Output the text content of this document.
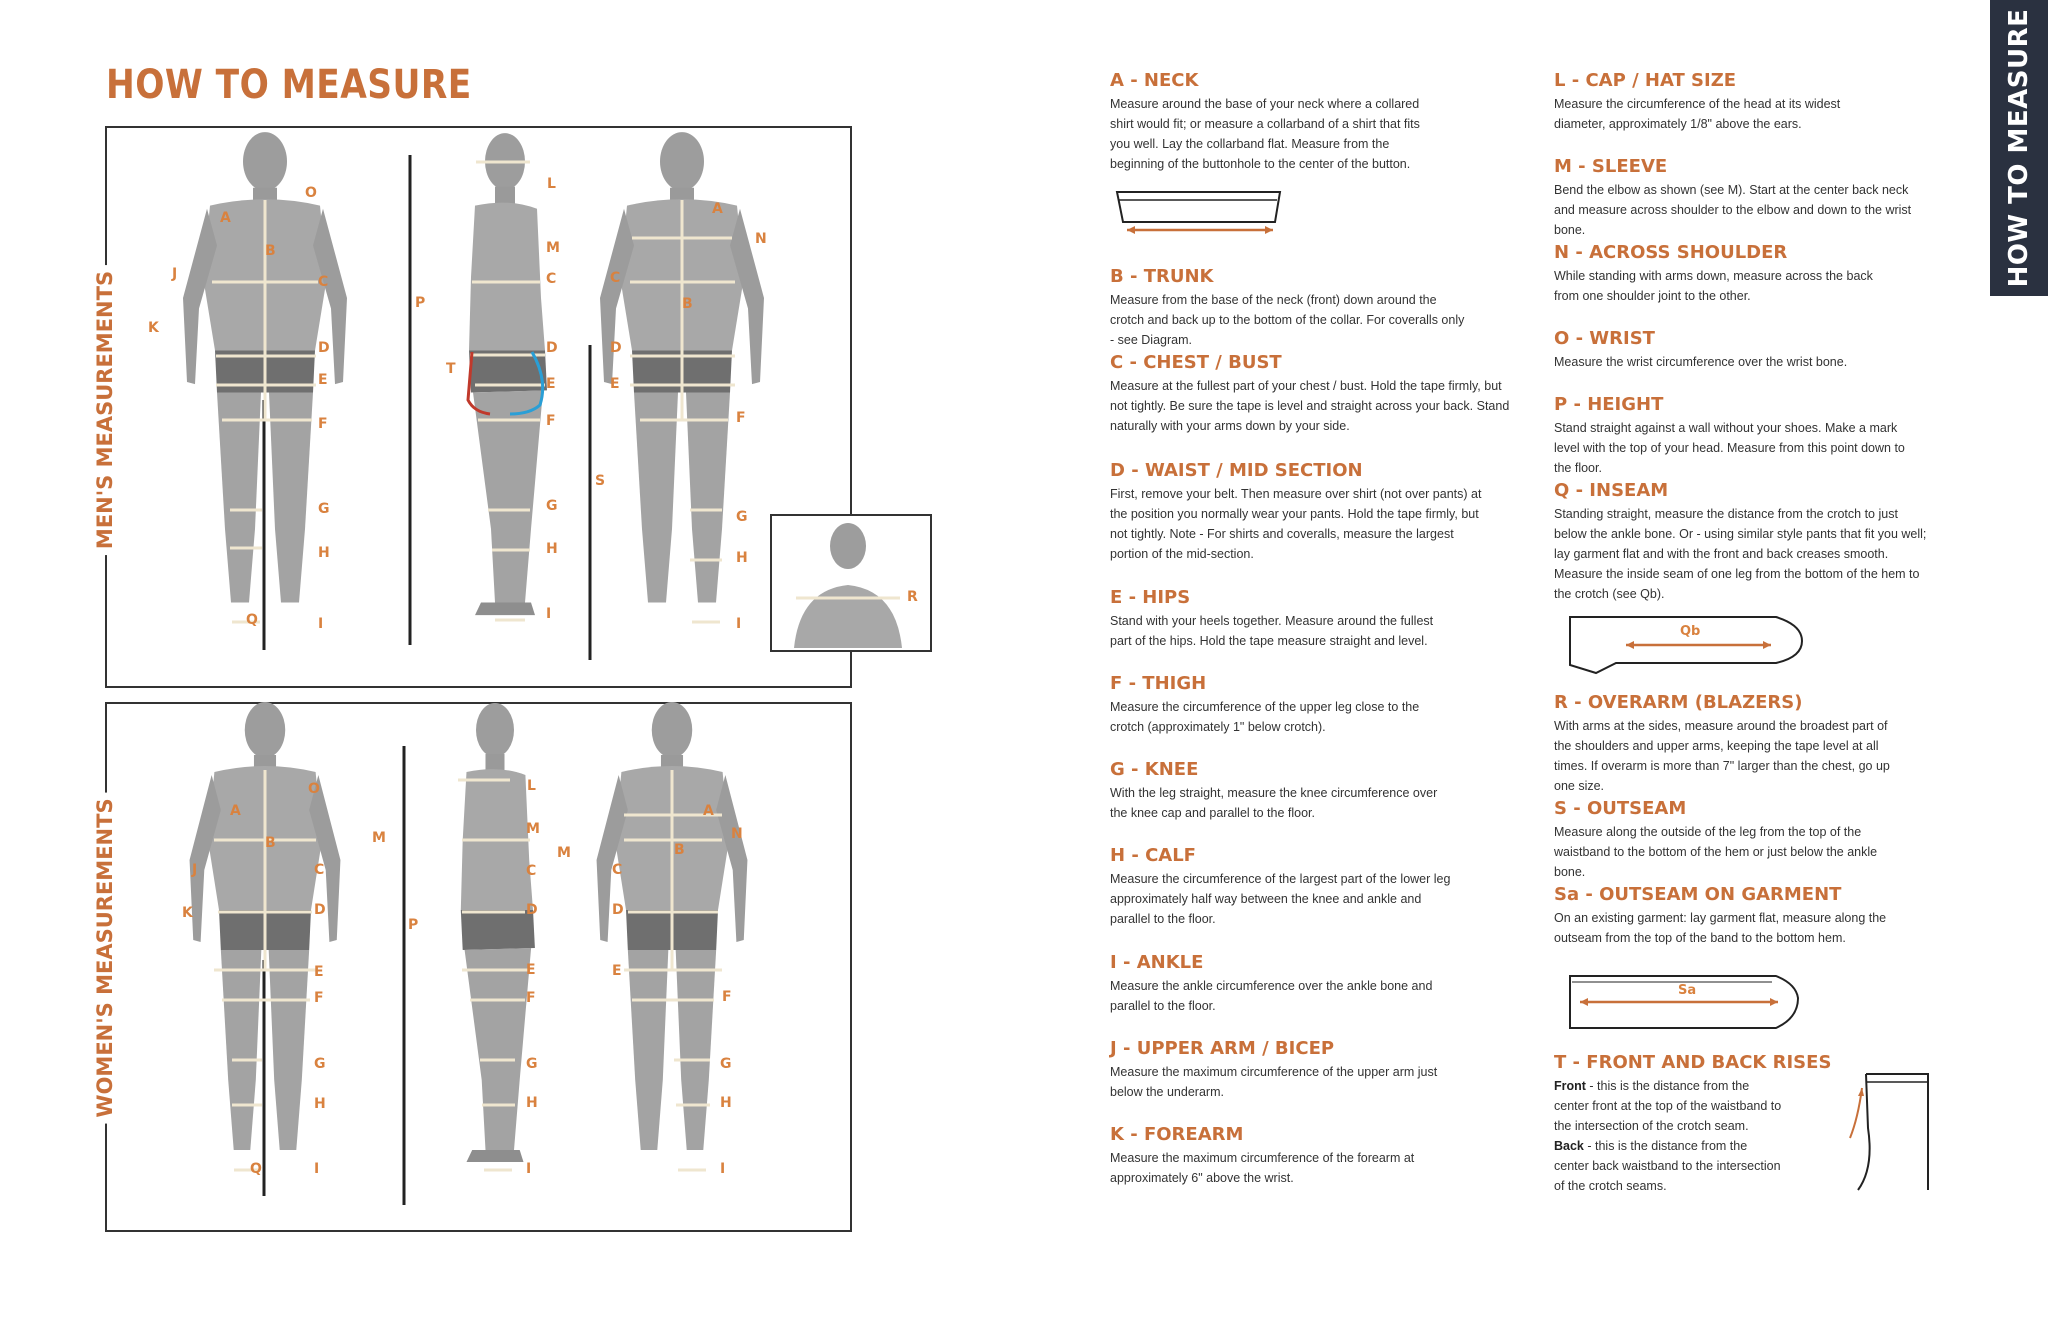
HOW TO MEASURE	HOW TO MEASURE
A
B
O
J	C
K
D
E
F
G
H
Q	I
L
M
C
P
D
T
E
F
S
G
H
I
A
N
C
B
D
E
F
G
H
I
R
A
B
O
M
J	C
K	D
E
F
G
H
Q	I
L
M
C
P
D
E
F
G
H
I
A
N
M
C
B
D
E
F
G
H
I
MEN'S MEASUREMENTS
WOMEN'S MEASUREMENTS
A - NECK

Measure around the base of your neck where a collared shirt would fit; or measure a collarband of a shirt that fits you well. Lay the collarband flat. Measure from the beginning of the buttonhole to the center of the button.

B - TRUNK

Measure from the base of the neck (front) down around the crotch and back up to the bottom of the collar. For coveralls only - see Diagram.

C - CHEST / BUST

Measure at the fullest part of your chest / bust. Hold the tape firmly, but not tightly. Be sure the tape is level and straight across your back. Stand naturally with your arms down by your side.

D - WAIST / MID SECTION

First, remove your belt. Then measure over shirt (not over pants) at the position you normally wear your pants. Hold the tape firmly, but not tightly. Note - For shirts and coveralls, measure the largest portion of the mid-section.

E - HIPS

Stand with your heels together. Measure around the fullest part of the hips. Hold the tape measure straight and level.

F - THIGH

Measure the circumference of the upper leg close to the crotch (approximately 1" below crotch).

G - KNEE

With the leg straight, measure the knee circumference over the knee cap and parallel to the floor.

H - CALF

Measure the circumference of the largest part of the lower leg approximately half way between the knee and ankle and parallel to the floor.

I - ANKLE

Measure the ankle circumference over the ankle bone and parallel to the floor.

J - UPPER ARM / BICEP

Measure the maximum circumference of the upper arm just below the underarm.

K - FOREARM

Measure the maximum circumference of the forearm at approximately 6" above the wrist.

L - CAP / HAT SIZE

Measure the circumference of the head at its widest diameter, approximately 1/8" above the ears.

M - SLEEVE

Bend the elbow as shown (see M). Start at the center back neck and measure across shoulder to the elbow and down to the wrist bone.

N - ACROSS SHOULDER

While standing with arms down, measure across the back from one shoulder joint to the other.

O - WRIST

Measure the wrist circumference over the wrist bone.

P - HEIGHT

Stand straight against a wall without your shoes. Make a mark level with the top of your head. Measure from this point down to the floor.

Q - INSEAM

Standing straight, measure the distance from the crotch to just below the ankle bone. Or - using similar style pants that fit you well; lay garment flat and with the front and back creases smooth. Measure the inside seam of one leg from the bottom of the hem to the crotch (see Qb).

Qb
R - OVERARM (BLAZERS)

With arms at the sides, measure around the broadest part of the shoulders and upper arms, keeping the tape level at all times. If overarm is more than 7" larger than the chest, go up one size.

S - OUTSEAM

Measure along the outside of the leg from the top of the waistband to the bottom of the hem or just below the ankle bone.

Sa - OUTSEAM ON GARMENT

On an existing garment: lay garment flat, measure along the outseam from the top of the band to the bottom hem.

Sa
T - FRONT AND BACK RISES

Front - this is the distance from the center front at the top of the waistband to the intersection of the crotch seam.

Back - this is the distance from the center back waistband to the intersection of the crotch seams.
